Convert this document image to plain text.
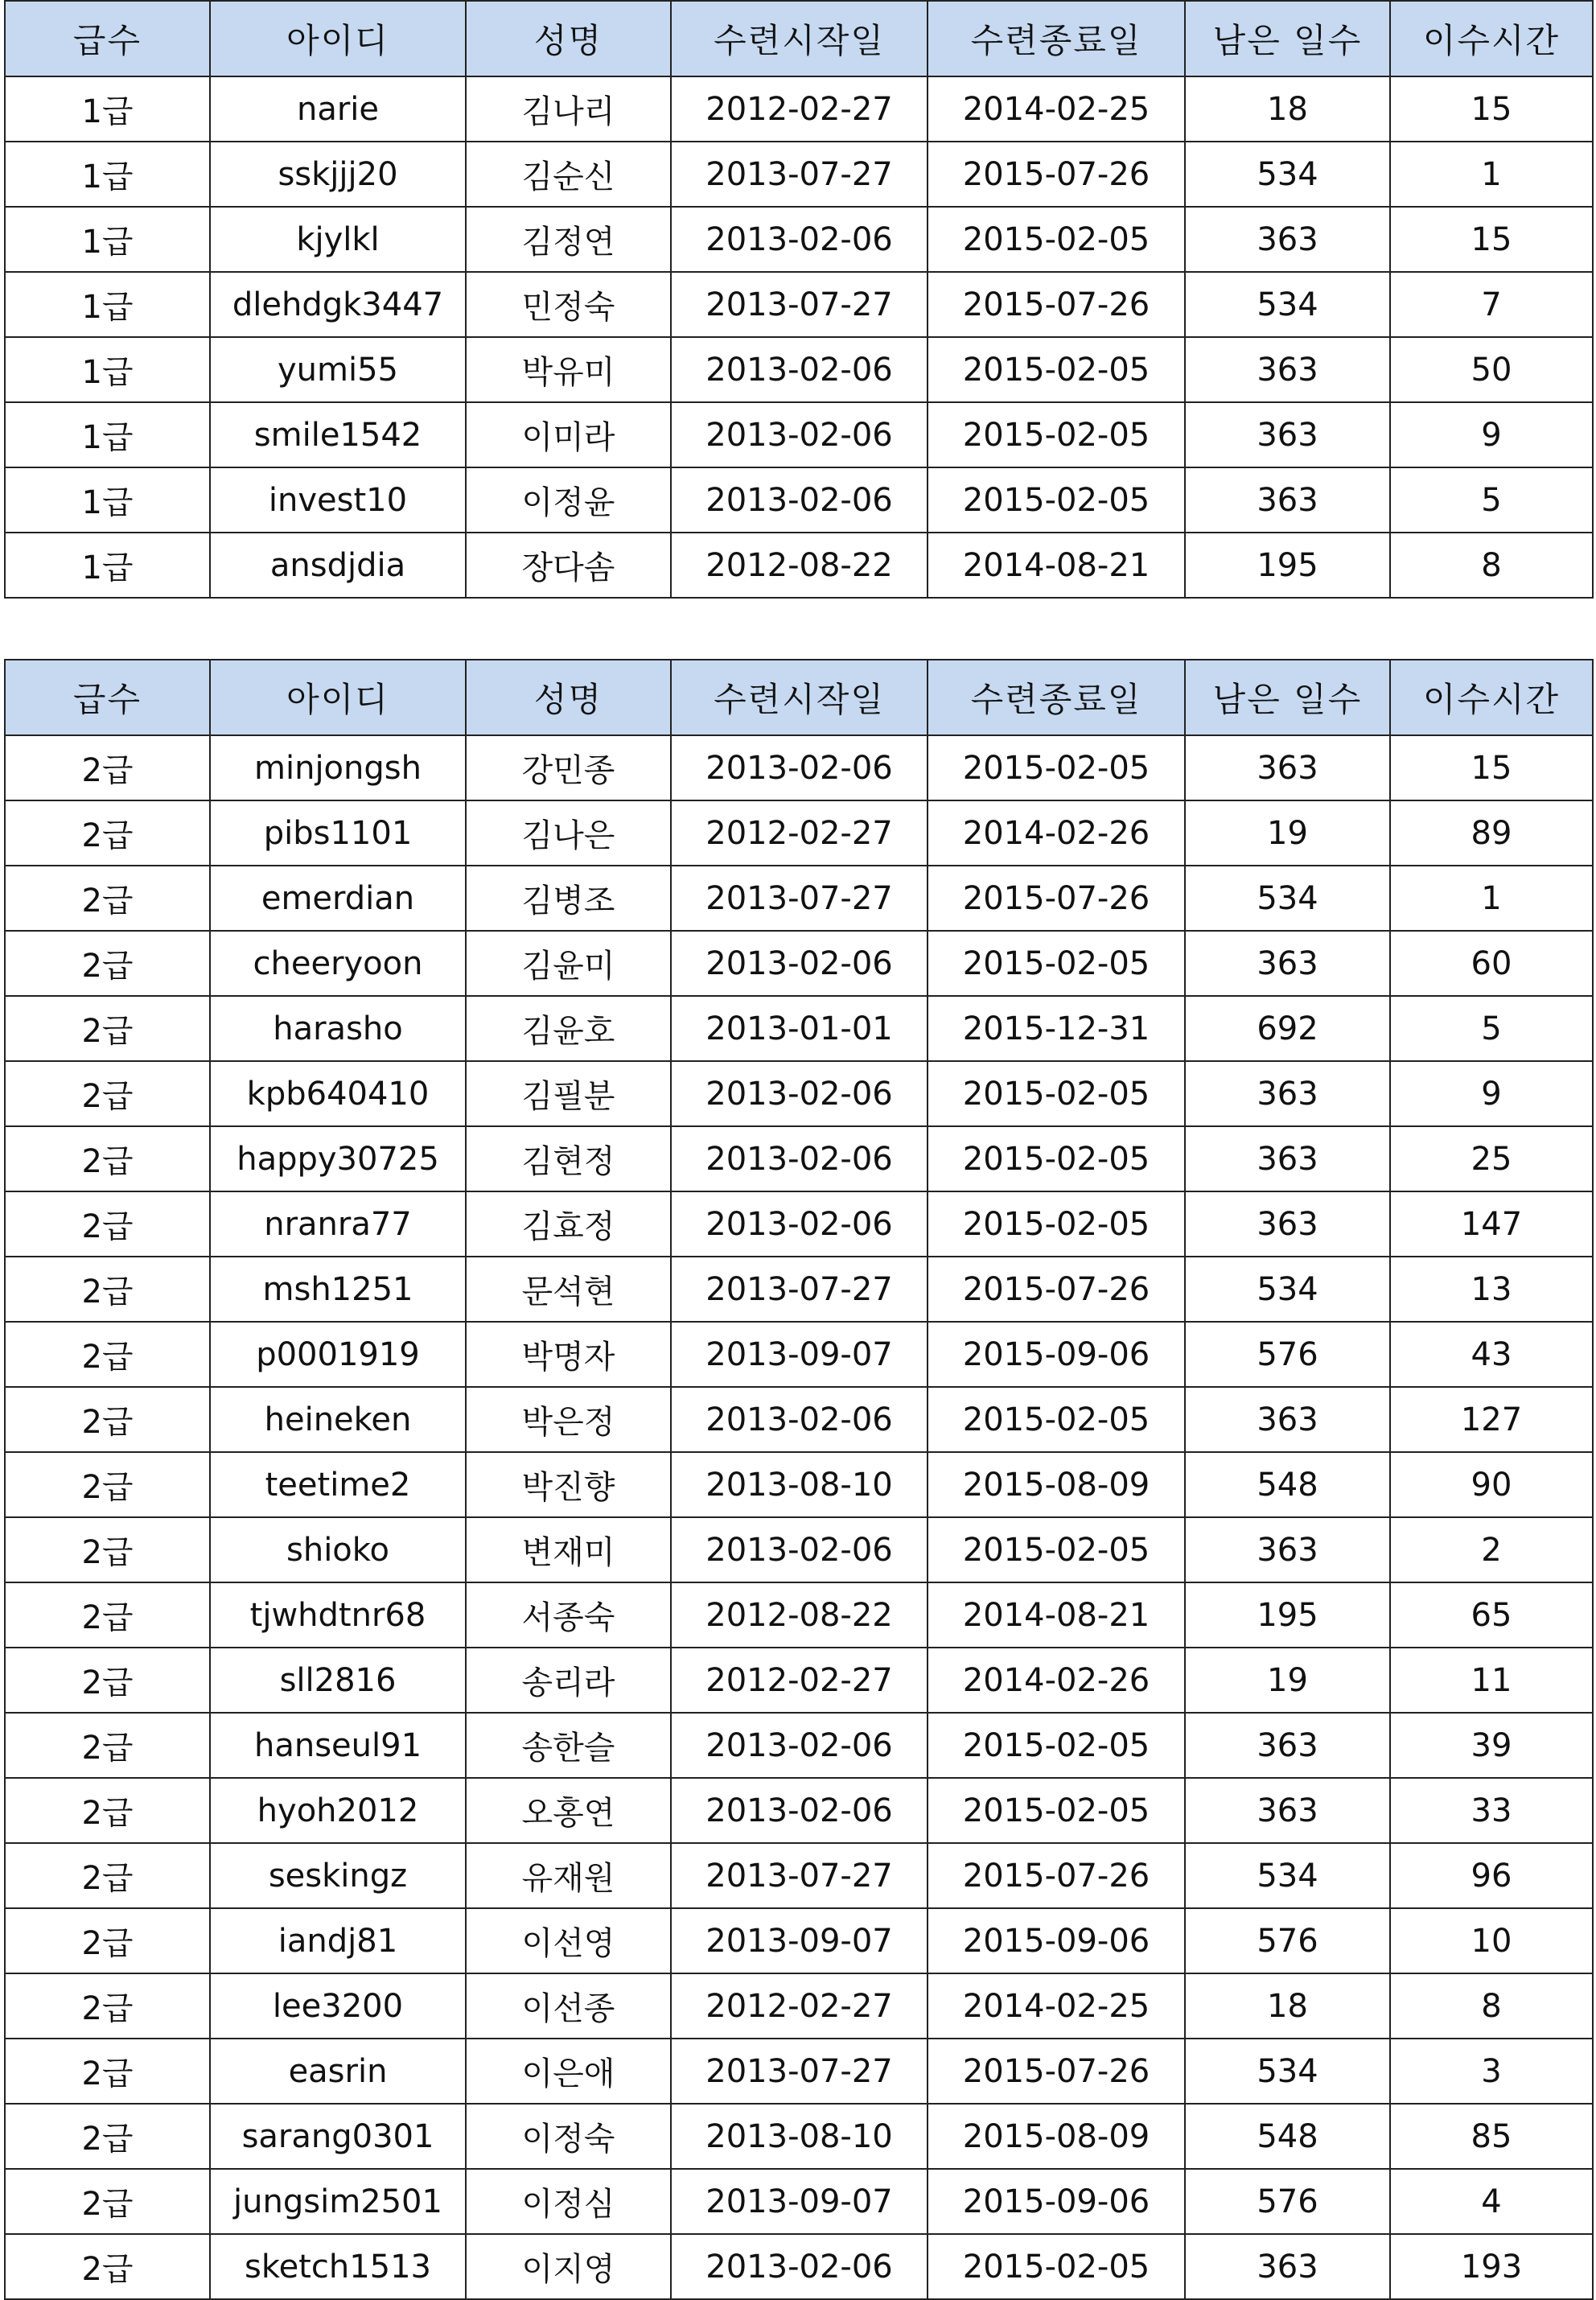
급수	아이디	성명	수련시작일	수련종료일	남은 일수	이수시간
1급	narie	김나리	2012-02-27	2014-02-25	18	15
1급	sskjjj20	김순신	2013-07-27	2015-07-26	534	1
1급	kjylkl	김정연	2013-02-06	2015-02-05	363	15
1급	dlehdgk3447	민정숙	2013-07-27	2015-07-26	534	7
1급	yumi55	박유미	2013-02-06	2015-02-05	363	50
1급	smile1542	이미라	2013-02-06	2015-02-05	363	9
1급	invest10	이정윤	2013-02-06	2015-02-05	363	5
1급	ansdjdia	장다솜	2012-08-22	2014-08-21	195	8
급수	아이디	성명	수련시작일	수련종료일	남은 일수	이수시간
2급	minjongsh	강민종	2013-02-06	2015-02-05	363	15
2급	pibs1101	김나은	2012-02-27	2014-02-26	19	89
2급	emerdian	김병조	2013-07-27	2015-07-26	534	1
2급	cheeryoon	김윤미	2013-02-06	2015-02-05	363	60
2급	harasho	김윤호	2013-01-01	2015-12-31	692	5
2급	kpb640410	김필분	2013-02-06	2015-02-05	363	9
2급	happy30725	김현정	2013-02-06	2015-02-05	363	25
2급	nranra77	김효정	2013-02-06	2015-02-05	363	147
2급	msh1251	문석현	2013-07-27	2015-07-26	534	13
2급	p0001919	박명자	2013-09-07	2015-09-06	576	43
2급	heineken	박은정	2013-02-06	2015-02-05	363	127
2급	teetime2	박진향	2013-08-10	2015-08-09	548	90
2급	shioko	변재미	2013-02-06	2015-02-05	363	2
2급	tjwhdtnr68	서종숙	2012-08-22	2014-08-21	195	65
2급	sll2816	송리라	2012-02-27	2014-02-26	19	11
2급	hanseul91	송한슬	2013-02-06	2015-02-05	363	39
2급	hyoh2012	오홍연	2013-02-06	2015-02-05	363	33
2급	seskingz	유재원	2013-07-27	2015-07-26	534	96
2급	iandj81	이선영	2013-09-07	2015-09-06	576	10
2급	lee3200	이선종	2012-02-27	2014-02-25	18	8
2급	easrin	이은애	2013-07-27	2015-07-26	534	3
2급	sarang0301	이정숙	2013-08-10	2015-08-09	548	85
2급	jungsim2501	이정심	2013-09-07	2015-09-06	576	4
2급	sketch1513	이지영	2013-02-06	2015-02-05	363	193
